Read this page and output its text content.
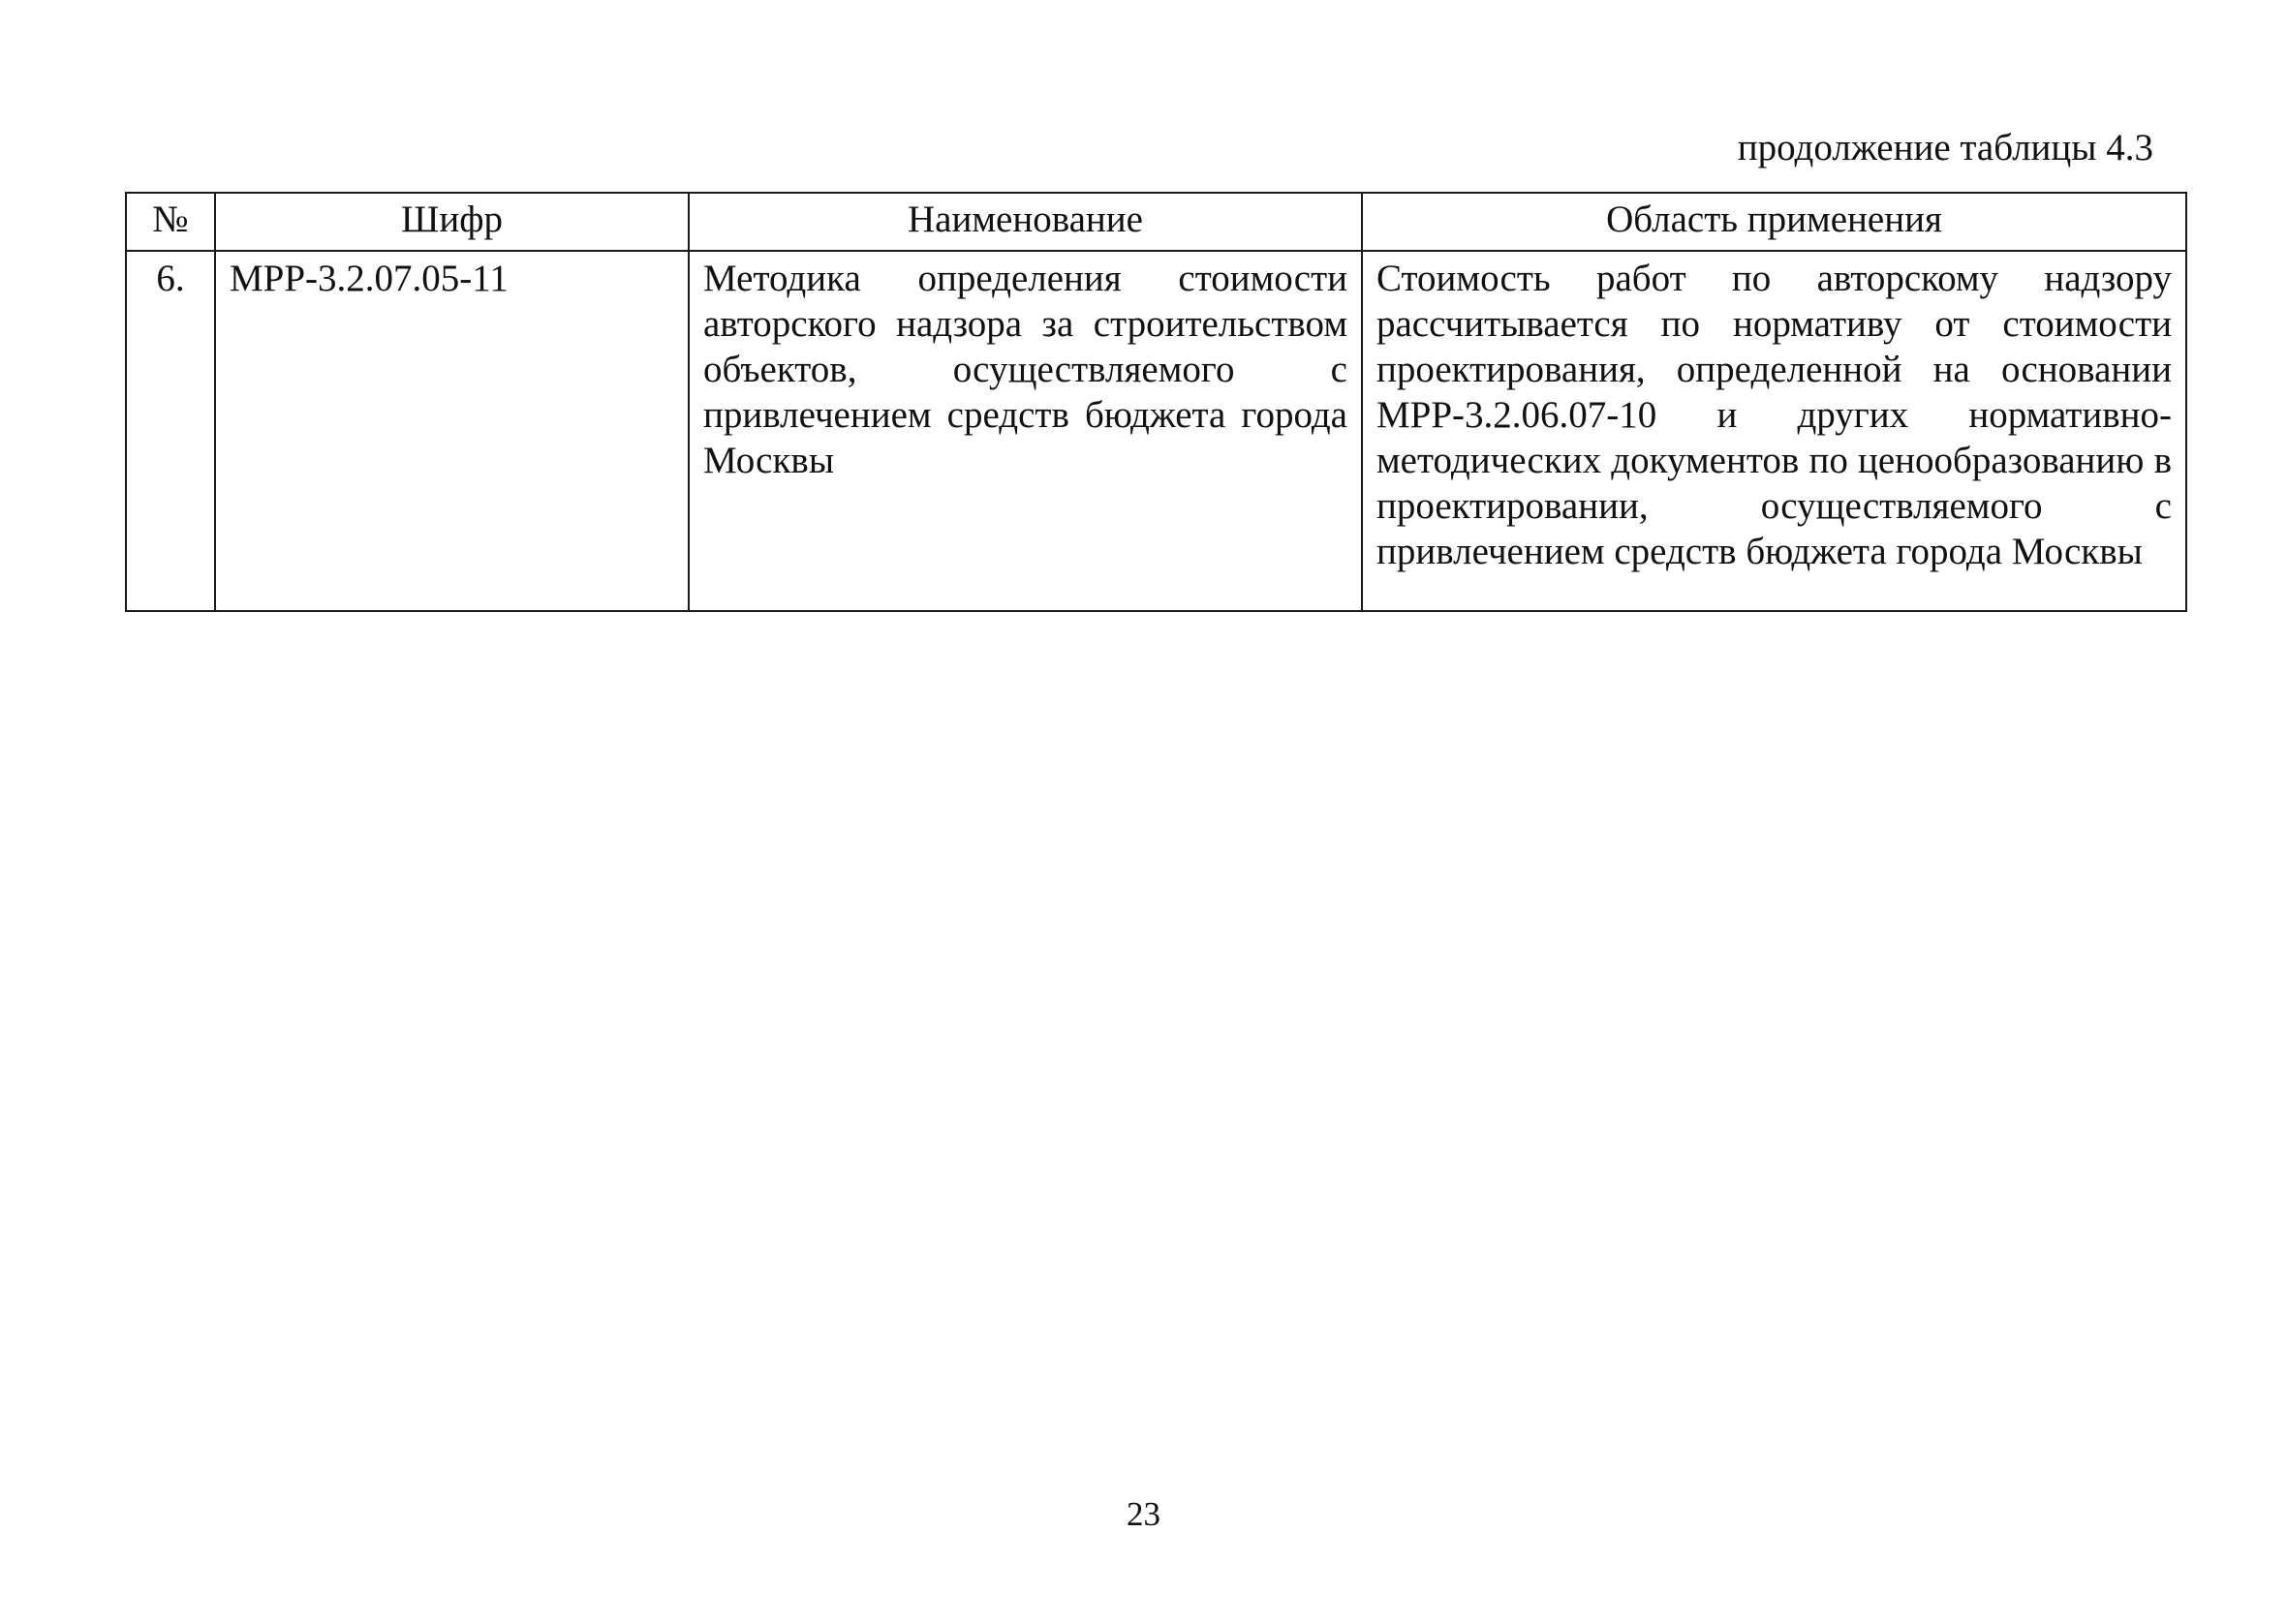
продолжение таблицы 4.3
№	Шифр	Наименование	Область применения
6.	МРР-3.2.07.05-11	Методика определения стоимости авторского надзора за строительством объектов, осуществляемого с привлечением средств бюджета города Москвы	Стоимость работ по авторскому надзору рассчитывается по нормативу от стоимости проектирования, определенной на основании МРР-3.2.06.07-10 и других нормативно-методических документов по ценообразованию в проектировании, осуществляемого с привлечением средств бюджета города Москвы
23
